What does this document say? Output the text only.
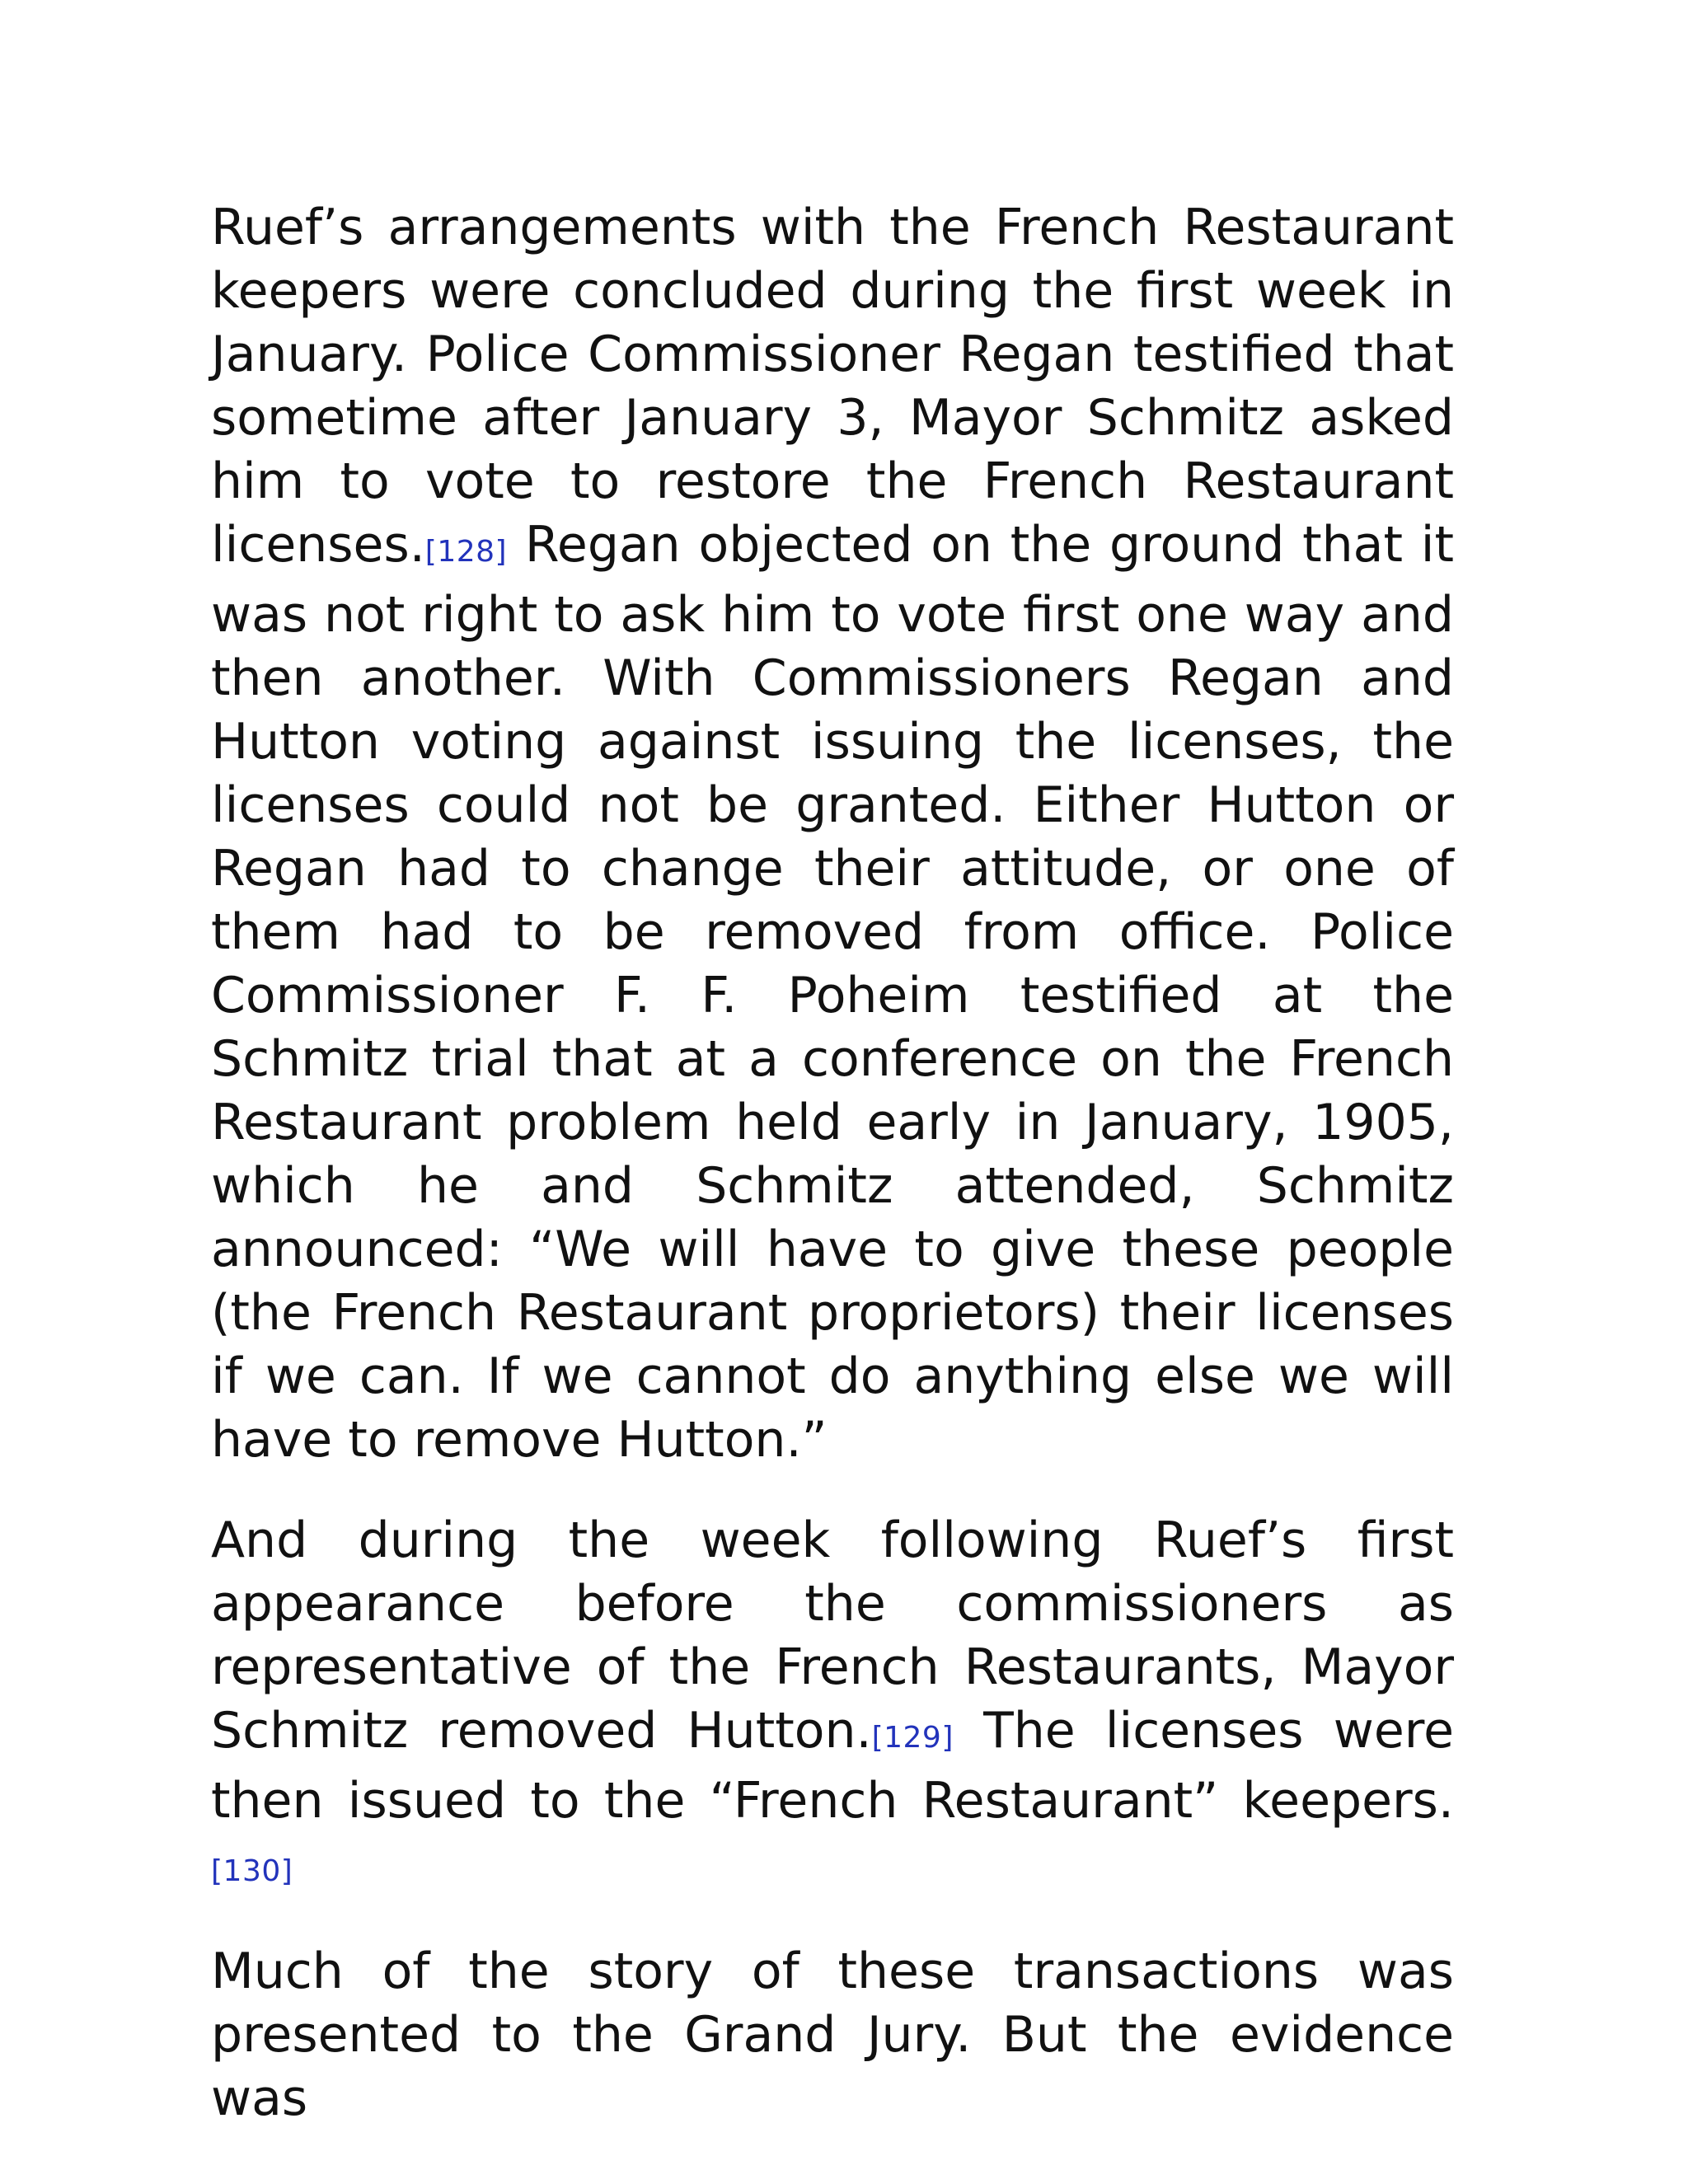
Ruef’s arrangements with the French Restaurant keepers were concluded during the first week in January. Police Commissioner Regan testified that sometime after January 3, Mayor Schmitz asked him to vote to restore the French Restaurant licenses.[128] Regan objected on the ground that it was not right to ask him to vote first one way and then another. With Commissioners Regan and Hutton voting against issuing the licenses, the licenses could not be granted. Either Hutton or Regan had to change their attitude, or one of them had to be removed from office. Police Commissioner F. F. Poheim testified at the Schmitz trial that at a conference on the French Restaurant problem held early in January, 1905, which he and Schmitz attended, Schmitz announced: “We will have to give these people (the French Restaurant proprietors) their licenses if we can. If we cannot do anything else we will have to remove Hutton.”

And during the week following Ruef’s first appearance before the commissioners as representative of the French Restaurants, Mayor Schmitz removed Hutton.[129] The licenses were then issued to the “French Restaurant” keepers.[130]

Much of the story of these transactions was presented to the Grand Jury. But the evidence was
